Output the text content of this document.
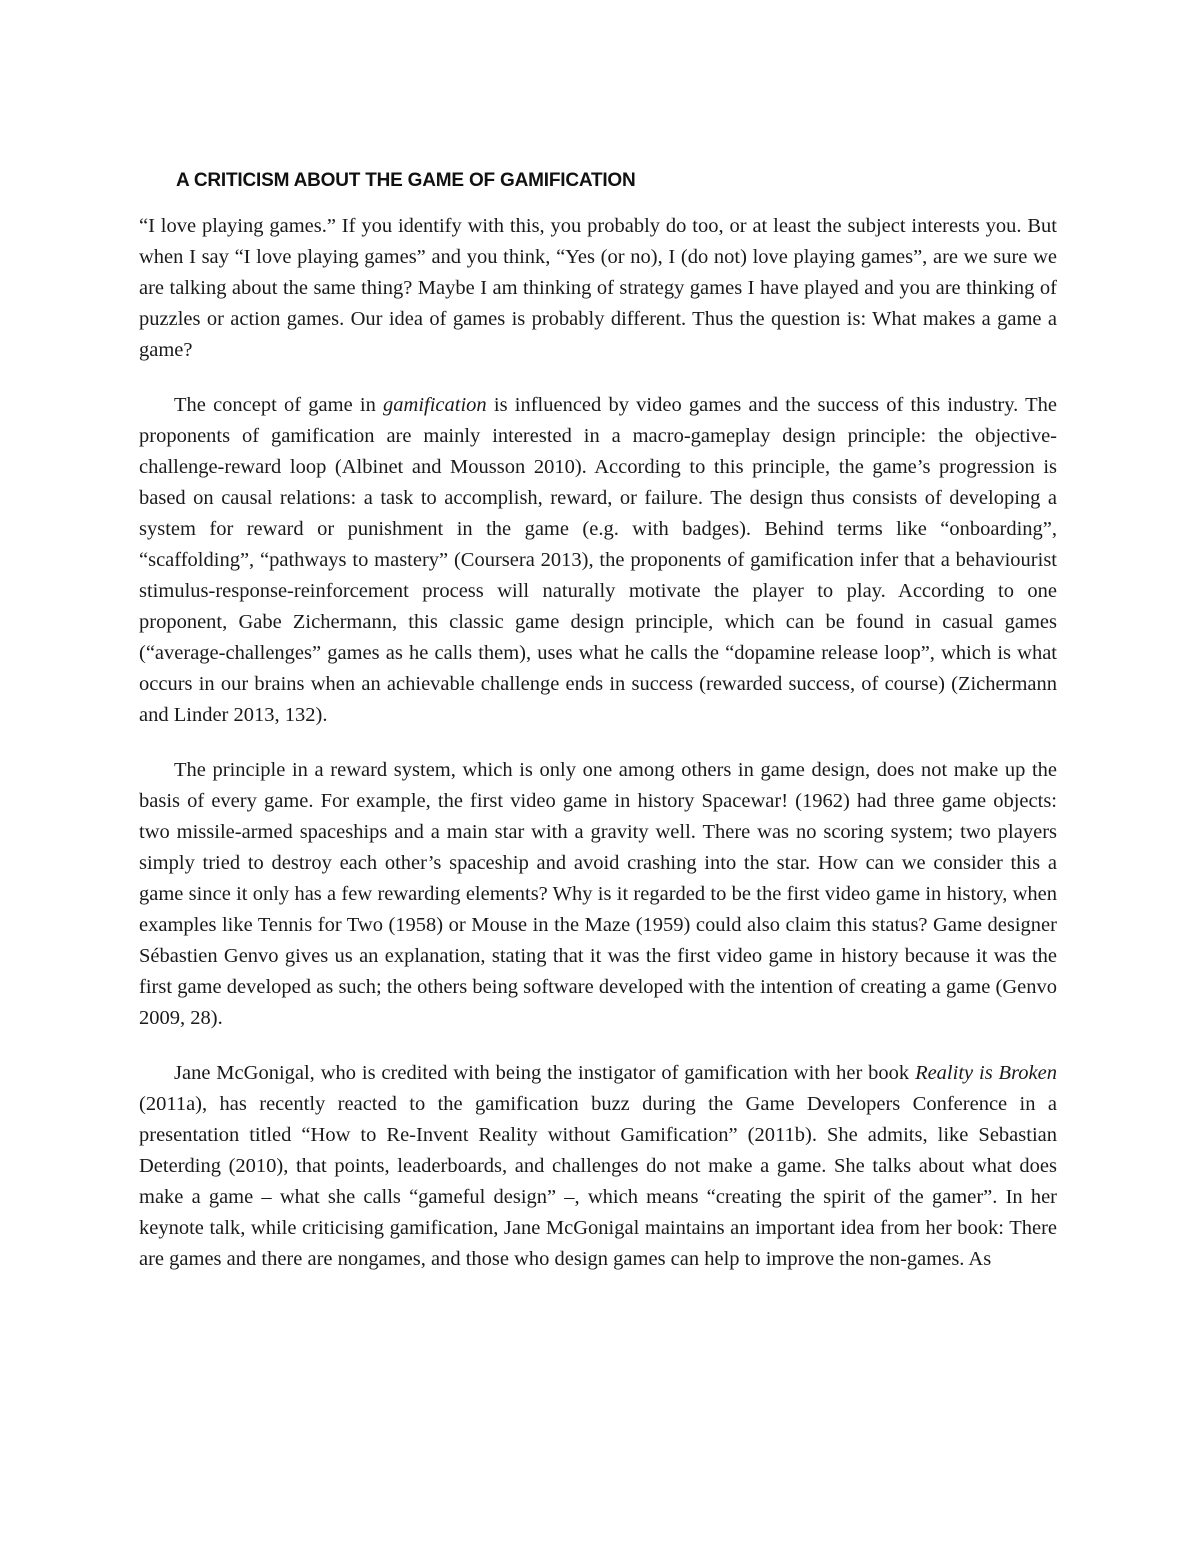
A CRITICISM ABOUT THE GAME OF GAMIFICATION

“I love playing games.” If you identify with this, you probably do too, or at least the subject interests you. But when I say “I love playing games” and you think, “Yes (or no), I (do not) love playing games”, are we sure we are talking about the same thing? Maybe I am thinking of strategy games I have played and you are thinking of puzzles or action games. Our idea of games is probably different. Thus the question is: What makes a game a game?

The concept of game in gamification is influenced by video games and the success of this industry. The proponents of gamification are mainly interested in a macro-gameplay design principle: the objective-challenge-reward loop (Albinet and Mousson 2010). According to this principle, the game’s progression is based on causal relations: a task to accomplish, reward, or failure. The design thus consists of developing a system for reward or punishment in the game (e.g. with badges). Behind terms like “onboarding”, “scaffolding”, “pathways to mastery” (Coursera 2013), the proponents of gamification infer that a behaviourist stimulus-response-reinforcement process will naturally motivate the player to play. According to one proponent, Gabe Zichermann, this classic game design principle, which can be found in casual games (“average-challenges” games as he calls them), uses what he calls the “dopamine release loop”, which is what occurs in our brains when an achievable challenge ends in success (rewarded success, of course) (Zichermann and Linder 2013, 132).

The principle in a reward system, which is only one among others in game design, does not make up the basis of every game. For example, the first video game in history Spacewar! (1962) had three game objects: two missile-armed spaceships and a main star with a gravity well. There was no scoring system; two players simply tried to destroy each other’s spaceship and avoid crashing into the star. How can we consider this a game since it only has a few rewarding elements? Why is it regarded to be the first video game in history, when examples like Tennis for Two (1958) or Mouse in the Maze (1959) could also claim this status? Game designer Sébastien Genvo gives us an explanation, stating that it was the first video game in history because it was the first game developed as such; the others being software developed with the intention of creating a game (Genvo 2009, 28).

Jane McGonigal, who is credited with being the instigator of gamification with her book Reality is Broken (2011a), has recently reacted to the gamification buzz during the Game Developers Conference in a presentation titled “How to Re-Invent Reality without Gamification” (2011b). She admits, like Sebastian Deterding (2010), that points, leaderboards, and challenges do not make a game. She talks about what does make a game – what she calls “gameful design” –, which means “creating the spirit of the gamer”. In her keynote talk, while criticising gamification, Jane McGonigal maintains an important idea from her book: There are games and there are nongames, and those who design games can help to improve the non-games. As
